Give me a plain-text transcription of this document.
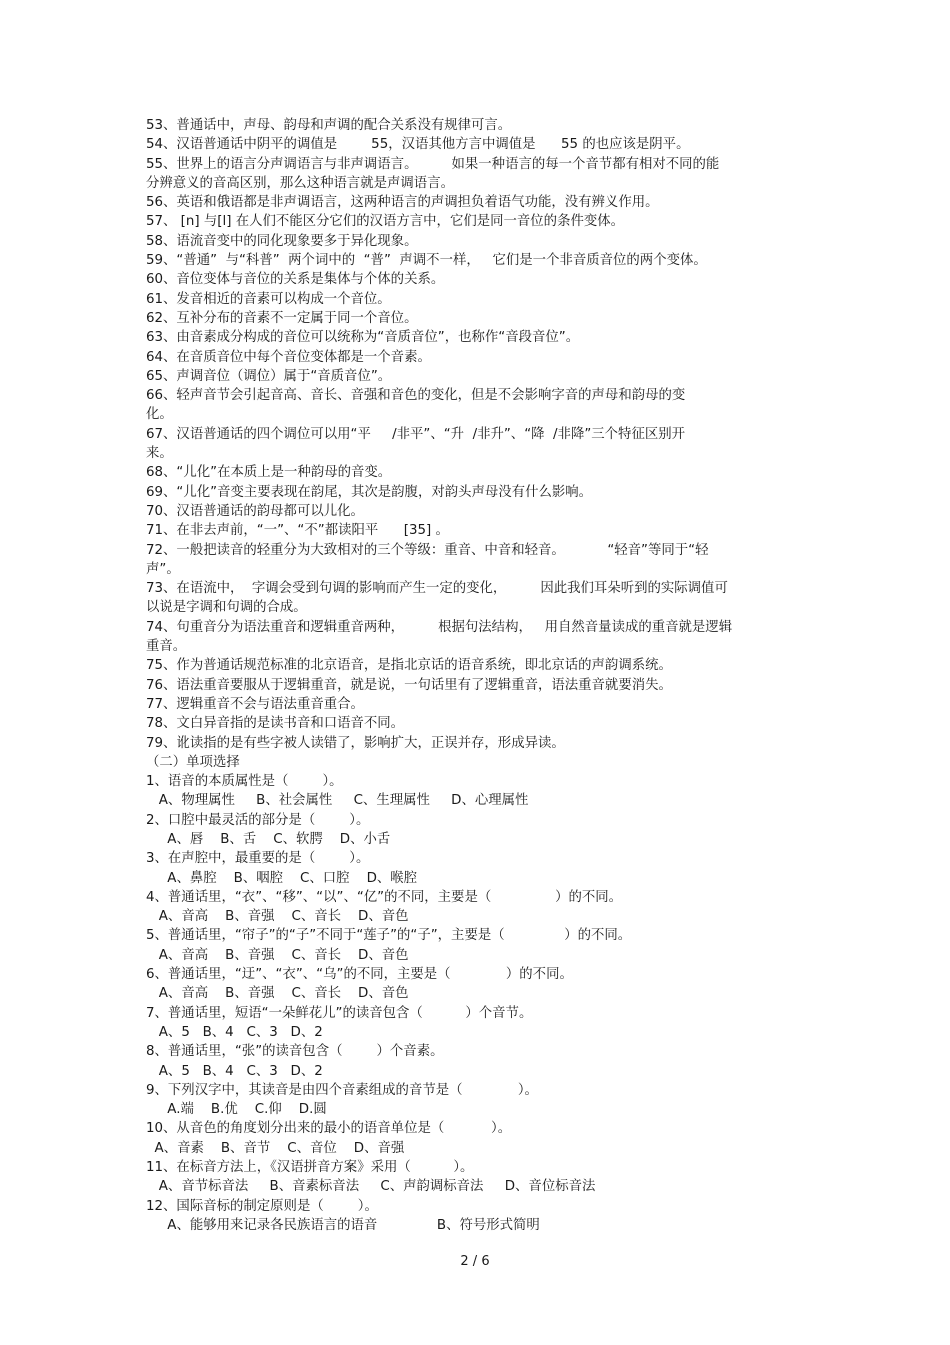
53、普通话中，声母、韵母和声调的配合关系没有规律可言。
54、汉语普通话中阴平的调值是        55，汉语其他方言中调值是      55 的也应该是阴平。
55、世界上的语言分声调语言与非声调语言。        如果一种语言的每一个音节都有相对不同的能
分辨意义的音高区别，那么这种语言就是声调语言。
56、英语和俄语都是非声调语言，这两种语言的声调担负着语气功能，没有辨义作用。
57、 [n] 与[l] 在人们不能区分它们的汉语方言中，它们是同一音位的条件变体。
58、语流音变中的同化现象要多于异化现象。
59、“普通”  与“科普”  两个词中的  “普”  声调不一样，   它们是一个非音质音位的两个变体。
60、音位变体与音位的关系是集体与个体的关系。
61、发音相近的音素可以构成一个音位。
62、互补分布的音素不一定属于同一个音位。
63、由音素成分构成的音位可以统称为“音质音位”，也称作“音段音位”。
64、在音质音位中每个音位变体都是一个音素。
65、声调音位（调位）属于“音质音位”。
66、轻声音节会引起音高、音长、音强和音色的变化，但是不会影响字音的声母和韵母的变
化。
67、汉语普通话的四个调位可以用“平     /非平”、“升  /非升”、“降  /非降”三个特征区别开
来。
68、“儿化”在本质上是一种韵母的音变。
69、“儿化”音变主要表现在韵尾，其次是韵腹，对韵头声母没有什么影响。
70、汉语普通话的韵母都可以儿化。
71、在非去声前，“一”、“不”都读阳平      [35] 。
72、一般把读音的轻重分为大致相对的三个等级：重音、中音和轻音。          “轻音”等同于“轻
声”。
73、在语流中，  字调会受到句调的影响而产生一定的变化，        因此我们耳朵听到的实际调值可
以说是字调和句调的合成。
74、句重音分为语法重音和逻辑重音两种，        根据句法结构，   用自然音量读成的重音就是逻辑
重音。
75、作为普通话规范标准的北京语音，是指北京话的语音系统，即北京话的声韵调系统。
76、语法重音要服从于逻辑重音，就是说，一句话里有了逻辑重音，语法重音就要消失。
77、逻辑重音不会与语法重音重合。
78、文白异音指的是读书音和口语音不同。
79、讹读指的是有些字被人读错了，影响扩大，正误并存，形成异读。
（二）单项选择
1、语音的本质属性是（        ）。
A、物理属性     B、社会属性     C、生理属性     D、心理属性
2、口腔中最灵活的部分是（        ）。
A、唇    B、舌    C、软腭    D、小舌
3、在声腔中，最重要的是（        ）。
A、鼻腔    B、咽腔    C、口腔    D、喉腔
4、普通话里，“衣”、“移”、“以”、“亿”的不同，主要是（               ）的不同。
A、音高    B、音强    C、音长    D、音色
5、普通话里，“帘子”的“子”不同于“莲子”的“子”，主要是（              ）的不同。
A、音高    B、音强    C、音长    D、音色
6、普通话里，“迂”、“衣”、“乌”的不同，主要是（             ）的不同。
A、音高    B、音强    C、音长    D、音色
7、普通话里，短语“一朵鲜花儿”的读音包含（          ）个音节。
A、5   B、4   C、3   D、2
8、普通话里，“张”的读音包含（        ）个音素。
A、5   B、4   C、3   D、2
9、下列汉字中，其读音是由四个音素组成的音节是（             ）。
A.端    B.优    C.仰    D.圆
10、从音色的角度划分出来的最小的语音单位是（           ）。
A、音素    B、音节    C、音位    D、音强
11、在标音方法上，《汉语拼音方案》采用（          ）。
A、音节标音法     B、音素标音法     C、声韵调标音法     D、音位标音法
12、国际音标的制定原则是（        ）。
A、能够用来记录各民族语言的语音              B、符号形式简明
2 / 6
